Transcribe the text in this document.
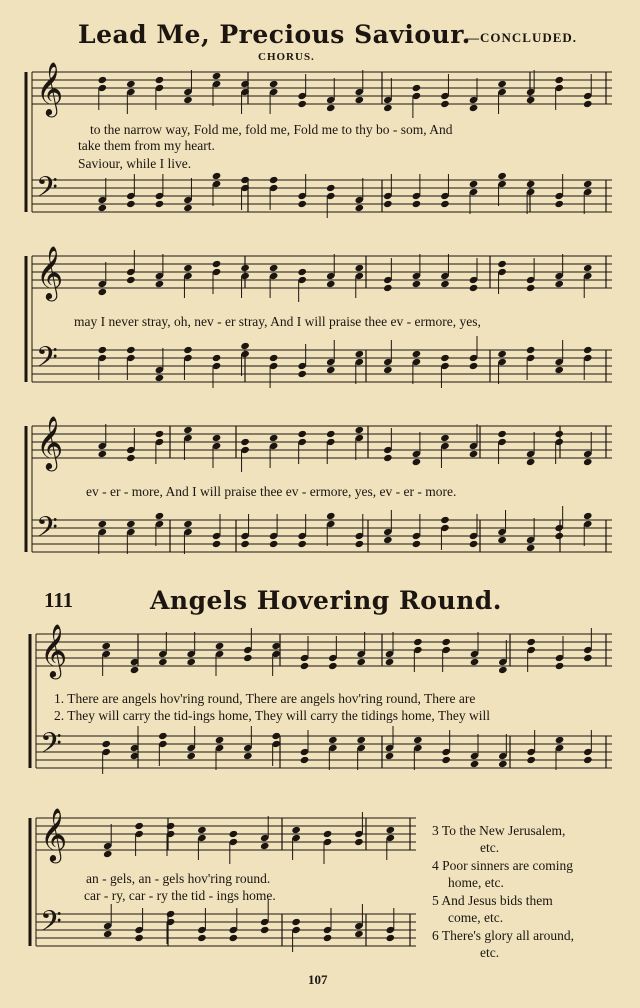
Lead Me, Precious Saviour.
—CONCLUDED.
CHORUS.
to the narrow way, Fold me, fold me, Fold me to thy bo - som, And
take them from my heart.
Saviour, while I live.
may I never stray, oh, nev - er stray, And I will praise thee ev - ermore, yes,
ev - er - more, And I will praise thee ev - ermore, yes, ev - er - more.
111	Angels Hovering Round.
1. There are angels hov'ring round, There are angels hov'ring round, There are
2. They will carry the tid-ings home, They will carry the tidings home, They will
an - gels, an - gels hov'ring round.
car - ry, car - ry the tid - ings home.
3 To the New Jerusalem,
etc.
4 Poor sinners are coming
home, etc.
5 And Jesus bids them
come, etc.
6 There's glory all around,
etc.
107
𝄞
𝄢
𝄞
𝄢
𝄞
𝄢
𝄞
𝄢
𝄞
𝄢
